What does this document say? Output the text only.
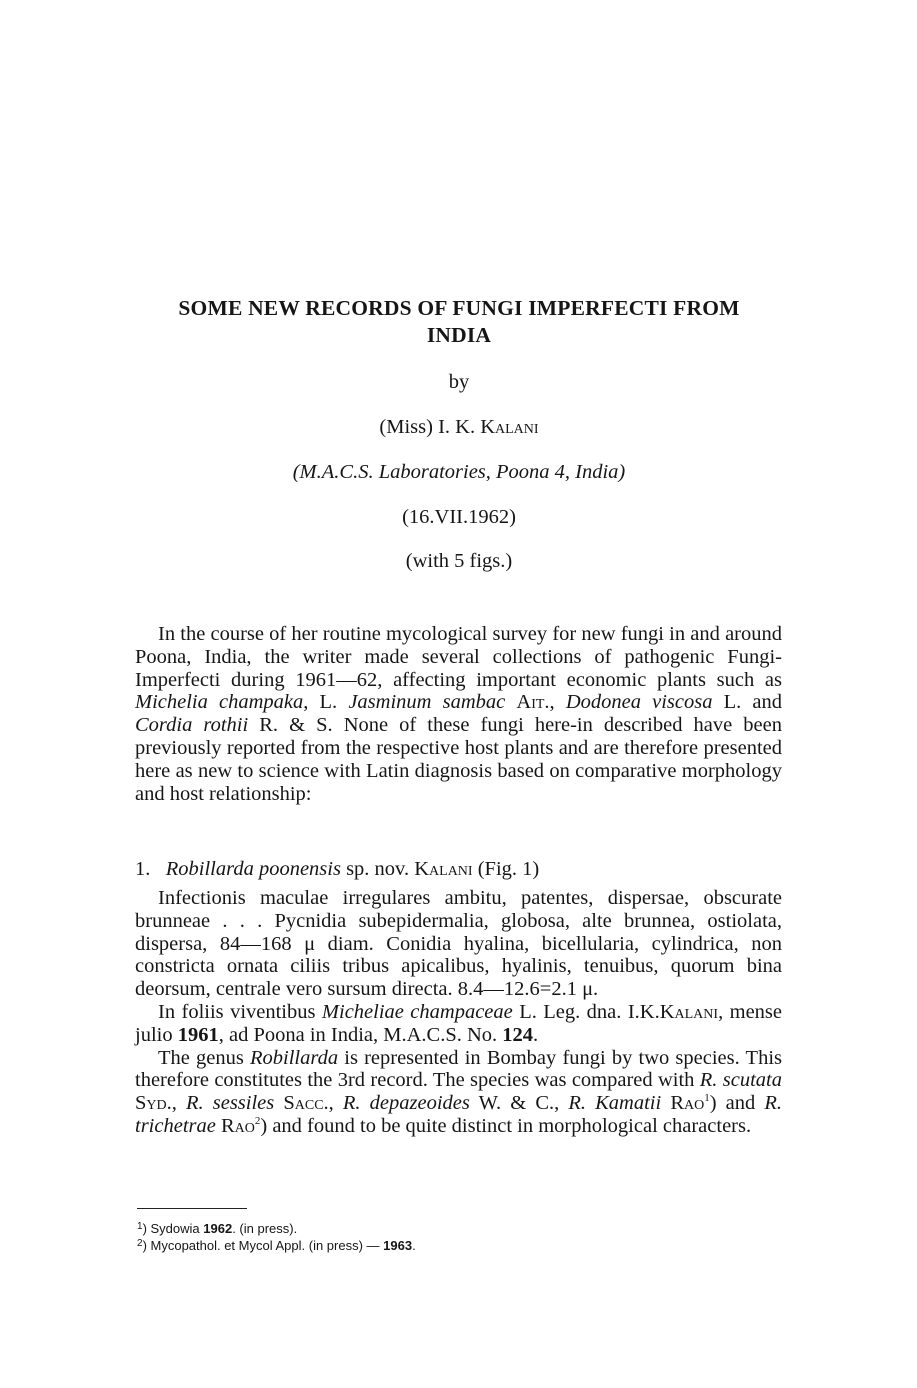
SOME NEW RECORDS OF FUNGI IMPERFECTI FROM
INDIA
by
(Miss) I. K. Kalani
(M.A.C.S. Laboratories, Poona 4, India)
(16.VII.1962)
(with 5 figs.)

In the course of her routine mycological survey for new fungi in and around Poona, India, the writer made several collections of pathogenic Fungi-Imperfecti during 1961—62, affecting important economic plants such as Michelia champaka, L. Jasminum sambac Ait., Dodonea viscosa L. and Cordia rothii R. & S. None of these fungi here-in described have been previously reported from the respective host plants and are therefore presented here as new to science with Latin diagnosis based on comparative morphology and host relationship:

1. Robillarda poonensis sp. nov. Kalani (Fig. 1)

Infectionis maculae irregulares ambitu, patentes, dispersae, obscurate brunneae . . . Pycnidia subepidermalia, globosa, alte brunnea, ostiolata, dispersa, 84—168 μ diam. Conidia hyalina, bicellularia, cylindrica, non constricta ornata ciliis tribus apicalibus, hyalinis, tenuibus, quorum bina deorsum, centrale vero sursum directa. 8.4—12.6=2.1 μ.

In foliis viventibus Micheliae champaceae L. Leg. dna. I.K.Kalani, mense julio 1961, ad Poona in India, M.A.C.S. No. 124.

The genus Robillarda is represented in Bombay fungi by two species. This therefore constitutes the 3rd record. The species was compared with R. scutata Syd., R. sessiles Sacc., R. depazeoides W. & C., R. Kamatii Rao$^1$) and R. trichetrae Rao$^2$) and found to be quite distinct in morphological characters.

$^1$) Sydowia 1962. (in press).
$^2$) Mycopathol. et Mycol Appl. (in press) — 1963.
